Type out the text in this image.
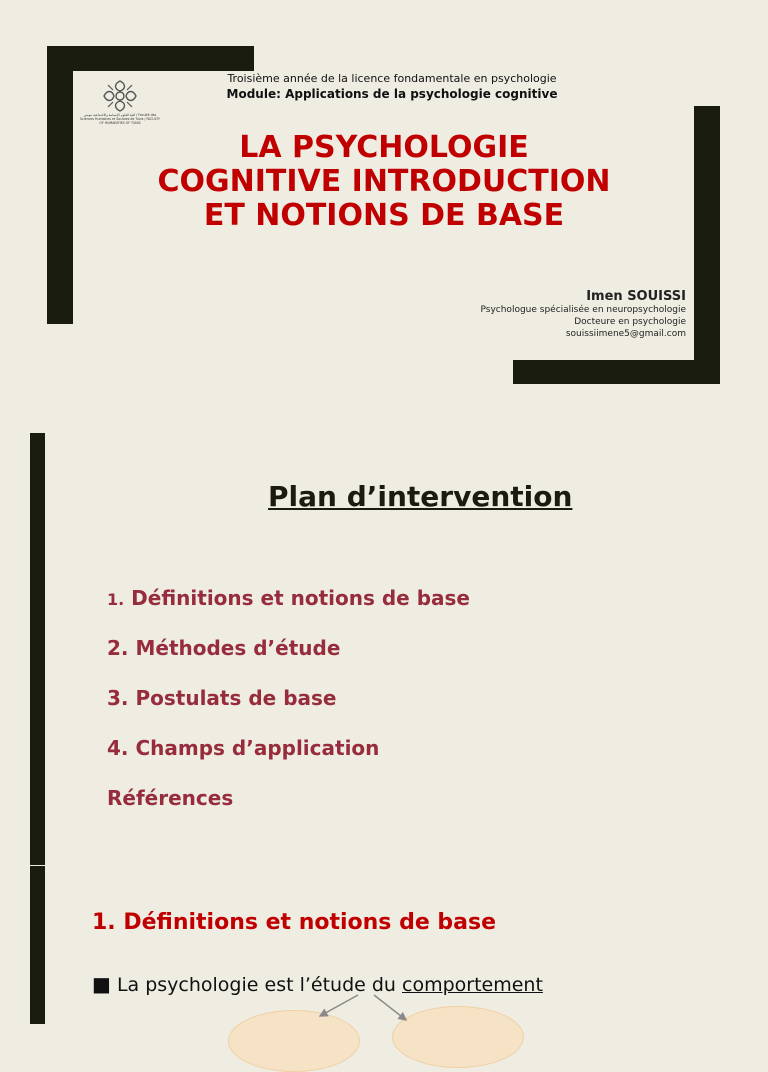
كلية العلوم الإنسانية والاجتماعية بتونس / Faculté des Sciences Humaines et Sociales de Tunis / FACULTY OF HUMANITIES OF TUNIS
Troisième année de la licence fondamentale en psychologie
Module: Applications de la psychologie cognitive
LA PSYCHOLOGIE
COGNITIVE INTRODUCTION
ET NOTIONS DE BASE
Imen SOUISSI
Psychologue spécialisée en neuropsychologie
Docteure en psychologie
souissiimene5@gmail.com
Plan d’intervention
1. Définitions et notions de base
2. Méthodes d’étude
3. Postulats de base
4. Champs d’application
Références
1. Définitions et notions de base
■ La psychologie est l’étude du comportement
